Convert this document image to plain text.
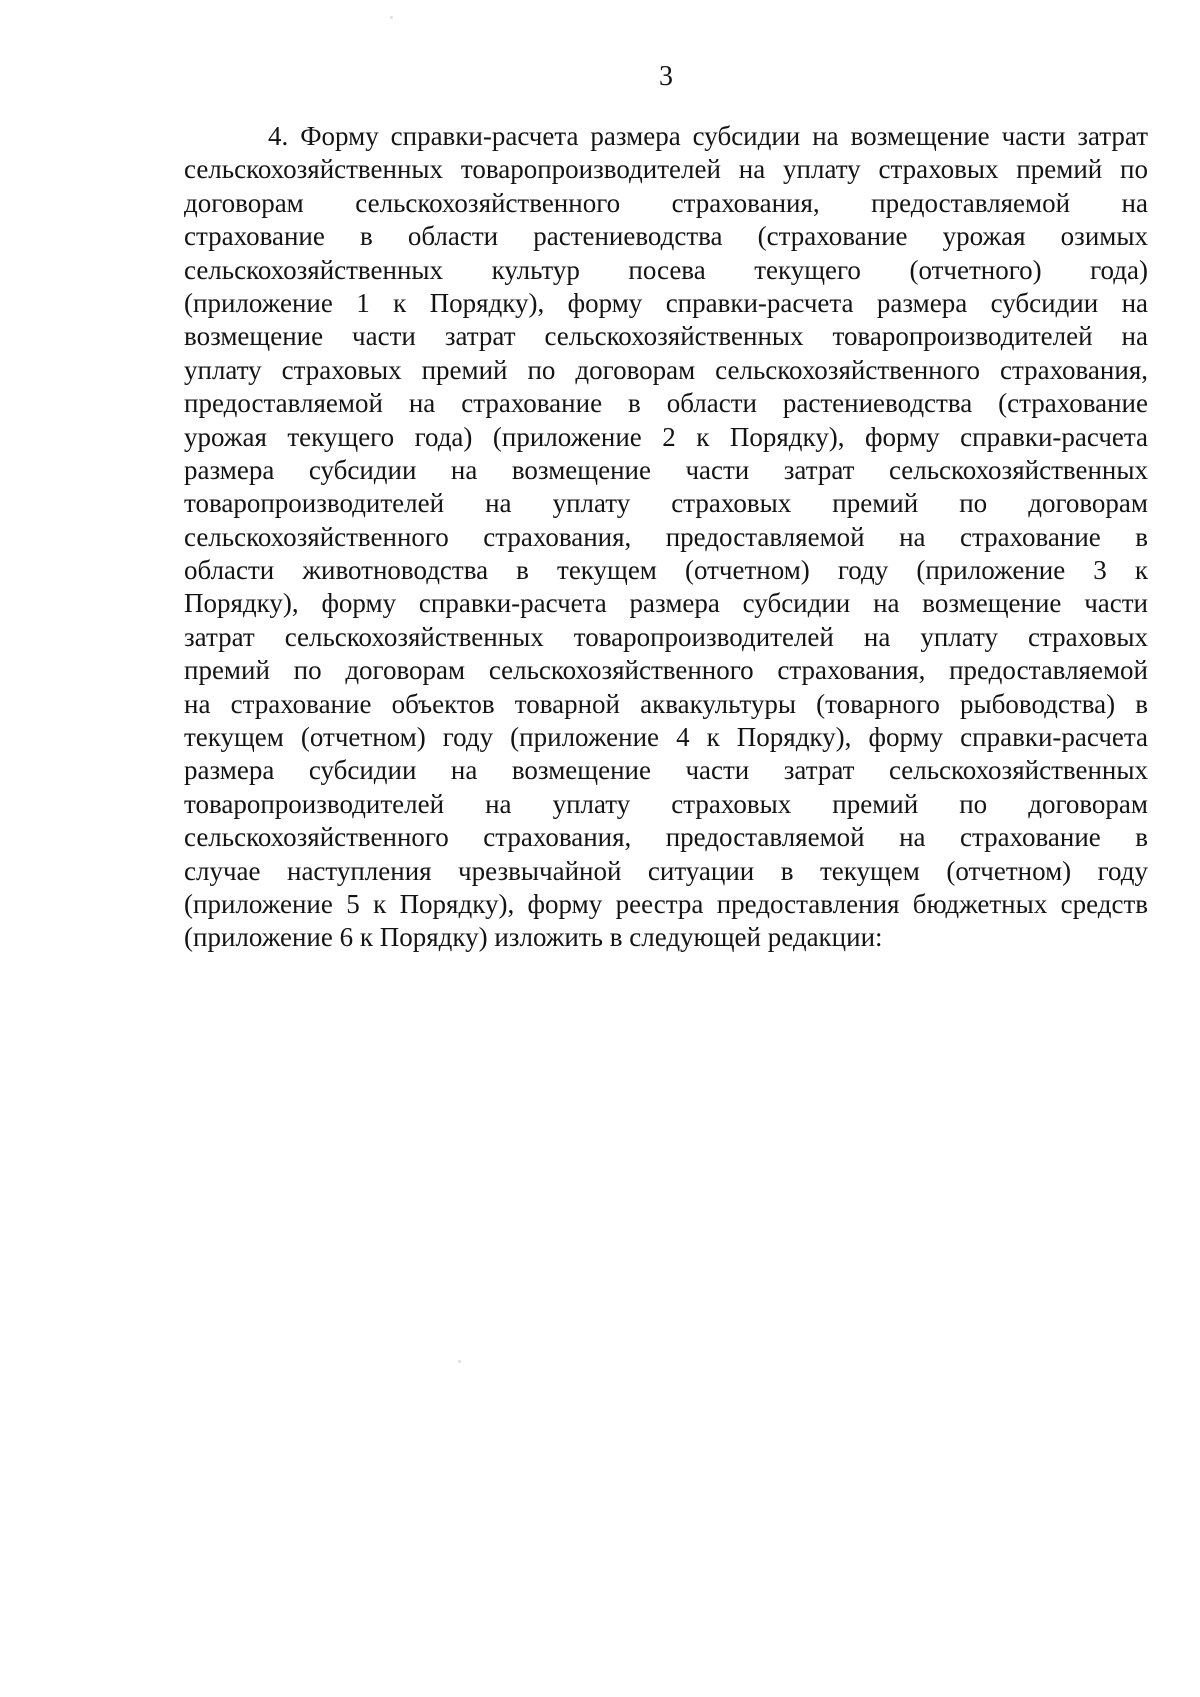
3
4. Форму справки-расчета размера субсидии на возмещение части затрат
сельскохозяйственных товаропроизводителей на уплату страховых премий по
договорам сельскохозяйственного страхования, предоставляемой на
страхование в области растениеводства (страхование урожая озимых
сельскохозяйственных культур посева текущего (отчетного) года)
(приложение 1 к Порядку), форму справки-расчета размера субсидии на
возмещение части затрат сельскохозяйственных товаропроизводителей на
уплату страховых премий по договорам сельскохозяйственного страхования,
предоставляемой на страхование в области растениеводства (страхование
урожая текущего года) (приложение 2 к Порядку), форму справки-расчета
размера субсидии на возмещение части затрат сельскохозяйственных
товаропроизводителей на уплату страховых премий по договорам
сельскохозяйственного страхования, предоставляемой на страхование в
области животноводства в текущем (отчетном) году (приложение 3 к
Порядку), форму справки-расчета размера субсидии на возмещение части
затрат сельскохозяйственных товаропроизводителей на уплату страховых
премий по договорам сельскохозяйственного страхования, предоставляемой
на страхование объектов товарной аквакультуры (товарного рыбоводства) в
текущем (отчетном) году (приложение 4 к Порядку), форму справки-расчета
размера субсидии на возмещение части затрат сельскохозяйственных
товаропроизводителей на уплату страховых премий по договорам
сельскохозяйственного страхования, предоставляемой на страхование в
случае наступления чрезвычайной ситуации в текущем (отчетном) году
(приложение 5 к Порядку), форму реестра предоставления бюджетных средств
(приложение 6 к Порядку) изложить в следующей редакции:
